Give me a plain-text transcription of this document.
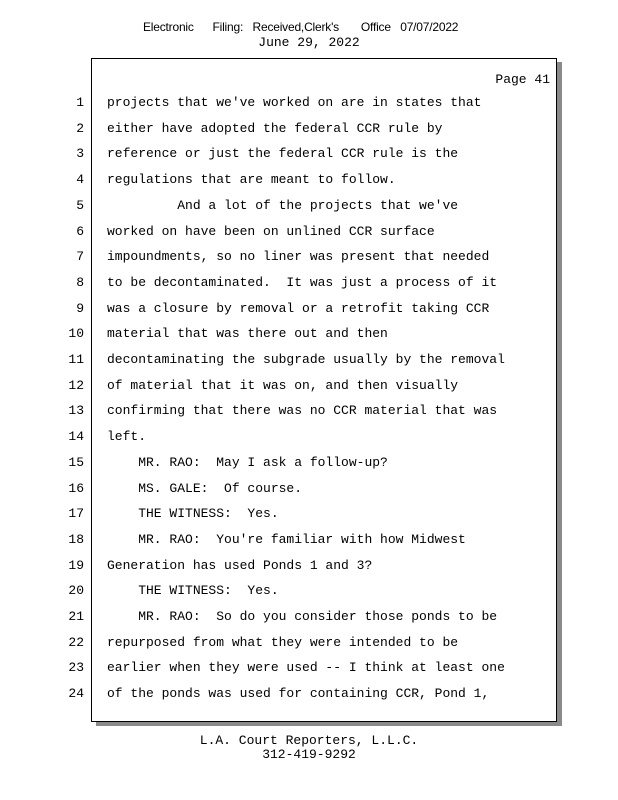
Electronic      Filing:   Received,Clerk's       Office   07/07/2022
June 29, 2022
Page 41
1 projects that we've worked on are in states that
2 either have adopted the federal CCR rule by
3 reference or just the federal CCR rule is the
4 regulations that are meant to follow.
5 And a lot of the projects that we've
6 worked on have been on unlined CCR surface
7 impoundments, so no liner was present that needed
8 to be decontaminated.  It was just a process of it
9 was a closure by removal or a retrofit taking CCR
10 material that was there out and then
11 decontaminating the subgrade usually by the removal
12 of material that it was on, and then visually
13 confirming that there was no CCR material that was
14 left.
15 MR. RAO:  May I ask a follow-up?
16 MS. GALE:  Of course.
17 THE WITNESS:  Yes.
18 MR. RAO:  You're familiar with how Midwest
19 Generation has used Ponds 1 and 3?
20 THE WITNESS:  Yes.
21 MR. RAO:  So do you consider those ponds to be
22 repurposed from what they were intended to be
23 earlier when they were used -- I think at least one
24 of the ponds was used for containing CCR, Pond 1,
L.A. Court Reporters, L.L.C.
312-419-9292
